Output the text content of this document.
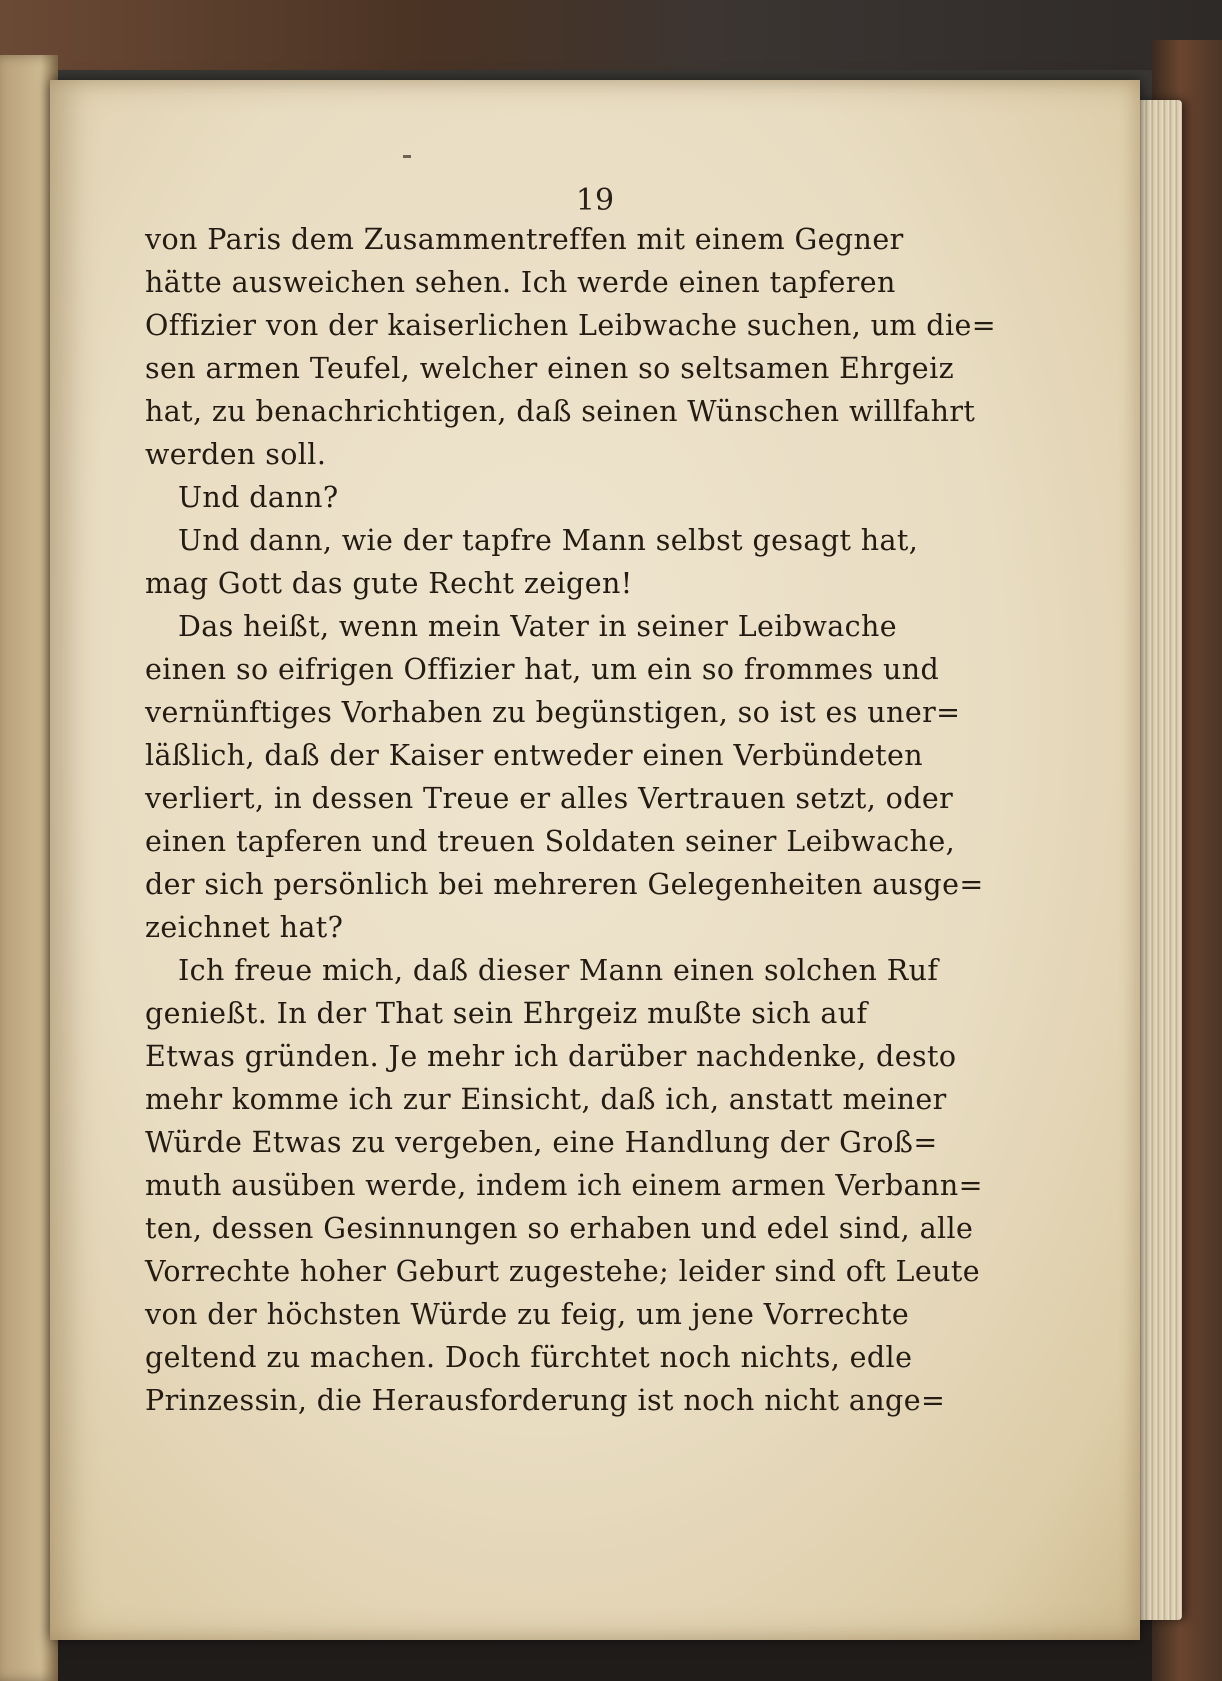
19
von Paris dem Zusammentreffen mit einem Gegner
hätte ausweichen sehen. Ich werde einen tapferen
Offizier von der kaiserlichen Leibwache suchen, um die=
sen armen Teufel, welcher einen so seltsamen Ehrgeiz
hat, zu benachrichtigen, daß seinen Wünschen willfahrt
werden soll.
Und dann?
Und dann, wie der tapfre Mann selbst gesagt hat,
mag Gott das gute Recht zeigen!
Das heißt, wenn mein Vater in seiner Leibwache
einen so eifrigen Offizier hat, um ein so frommes und
vernünftiges Vorhaben zu begünstigen, so ist es uner=
läßlich, daß der Kaiser entweder einen Verbündeten
verliert, in dessen Treue er alles Vertrauen setzt, oder
einen tapferen und treuen Soldaten seiner Leibwache,
der sich persönlich bei mehreren Gelegenheiten ausge=
zeichnet hat?
Ich freue mich, daß dieser Mann einen solchen Ruf
genießt. In der That sein Ehrgeiz mußte sich auf
Etwas gründen. Je mehr ich darüber nachdenke, desto
mehr komme ich zur Einsicht, daß ich, anstatt meiner
Würde Etwas zu vergeben, eine Handlung der Groß=
muth ausüben werde, indem ich einem armen Verbann=
ten, dessen Gesinnungen so erhaben und edel sind, alle
Vorrechte hoher Geburt zugestehe; leider sind oft Leute
von der höchsten Würde zu feig, um jene Vorrechte
geltend zu machen. Doch fürchtet noch nichts, edle
Prinzessin, die Herausforderung ist noch nicht ange=
